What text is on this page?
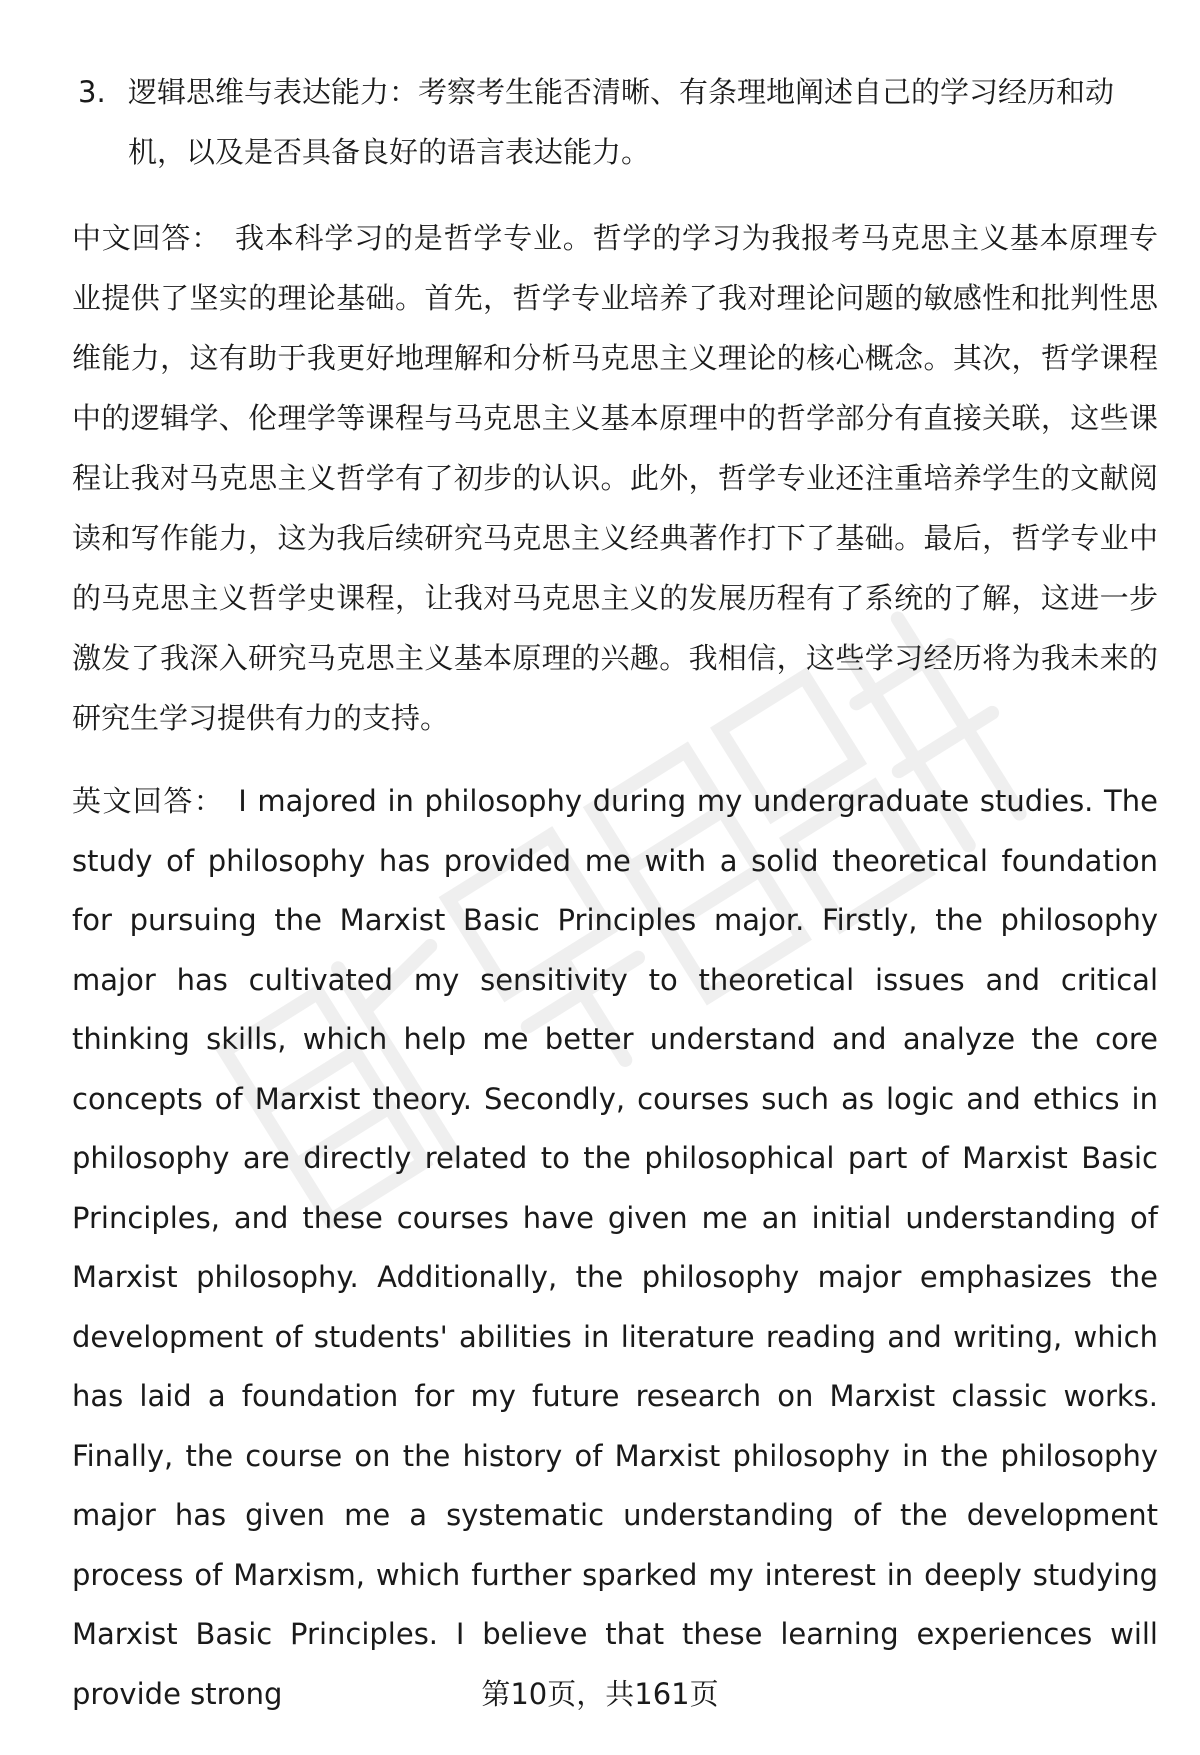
3. 逻辑思维与表达能力：考察考生能否清晰、有条理地阐述自己的学习经历和动机，以及是否具备良好的语言表达能力。
中文回答： 我本科学习的是哲学专业。哲学的学习为我报考马克思主义基本原理专业提供了坚实的理论基础。首先，哲学专业培养了我对理论问题的敏感性和批判性思维能力，这有助于我更好地理解和分析马克思主义理论的核心概念。其次，哲学课程中的逻辑学、伦理学等课程与马克思主义基本原理中的哲学部分有直接关联，这些课程让我对马克思主义哲学有了初步的认识。此外，哲学专业还注重培养学生的文献阅读和写作能力，这为我后续研究马克思主义经典著作打下了基础。最后，哲学专业中的马克思主义哲学史课程，让我对马克思主义的发展历程有了系统的了解，这进一步激发了我深入研究马克思主义基本原理的兴趣。我相信，这些学习经历将为我未来的研究生学习提供有力的支持。
英文回答： I majored in philosophy during my undergraduate studies. The study of philosophy has provided me with a solid theoretical foundation for pursuing the Marxist Basic Principles major. Firstly, the philosophy major has cultivated my sensitivity to theoretical issues and critical thinking skills, which help me better understand and analyze the core concepts of Marxist theory. Secondly, courses such as logic and ethics in philosophy are directly related to the philosophical part of Marxist Basic Principles, and these courses have given me an initial understanding of Marxist philosophy. Additionally, the philosophy major emphasizes the development of students' abilities in literature reading and writing, which has laid a foundation for my future research on Marxist classic works. Finally, the course on the history of Marxist philosophy in the philosophy major has given me a systematic understanding of the development process of Marxism, which further sparked my interest in deeply studying Marxist Basic Principles. I believe that these learning experiences will provide strong	第10页，共161页
